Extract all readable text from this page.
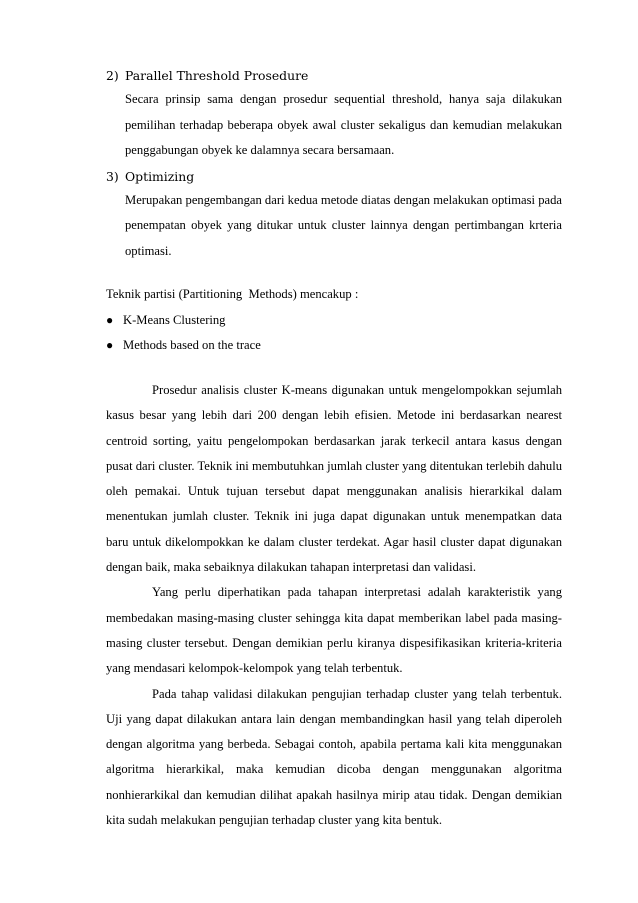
2) Parallel Threshold Prosedure

Secara prinsip sama dengan prosedur sequential threshold, hanya saja dilakukan pemilihan terhadap beberapa obyek awal cluster sekaligus dan kemudian melakukan penggabungan obyek ke dalamnya secara bersamaan.

3) Optimizing

Merupakan pengembangan dari kedua metode diatas dengan melakukan optimasi pada penempatan obyek yang ditukar untuk cluster lainnya dengan pertimbangan krteria optimasi.

Teknik partisi (Partitioning  Methods) mencakup :

● K-Means Clustering
● Methods based on the trace

Prosedur analisis cluster K-means digunakan untuk mengelompokkan sejumlah kasus besar yang lebih dari 200 dengan lebih efisien. Metode ini berdasarkan nearest centroid sorting, yaitu pengelompokan berdasarkan jarak terkecil antara kasus dengan pusat dari cluster. Teknik ini membutuhkan jumlah cluster yang ditentukan terlebih dahulu oleh pemakai. Untuk tujuan tersebut dapat menggunakan analisis hierarkikal dalam menentukan jumlah cluster. Teknik ini juga dapat digunakan untuk menempatkan data baru untuk dikelompokkan ke dalam cluster terdekat. Agar hasil cluster dapat digunakan dengan baik, maka sebaiknya dilakukan tahapan interpretasi dan validasi.

Yang perlu diperhatikan pada tahapan interpretasi adalah karakteristik yang membedakan masing-masing cluster sehingga kita dapat memberikan label pada masing-masing cluster tersebut. Dengan demikian perlu kiranya dispesifikasikan kriteria-kriteria yang mendasari kelompok-kelompok yang telah terbentuk.

Pada tahap validasi dilakukan pengujian terhadap cluster yang telah terbentuk. Uji yang dapat dilakukan antara lain dengan membandingkan hasil yang telah diperoleh dengan algoritma yang berbeda. Sebagai contoh, apabila pertama kali kita menggunakan algoritma hierarkikal, maka kemudian dicoba dengan menggunakan algoritma nonhierarkikal dan kemudian dilihat apakah hasilnya mirip atau tidak. Dengan demikian kita sudah melakukan pengujian terhadap cluster yang kita bentuk.
